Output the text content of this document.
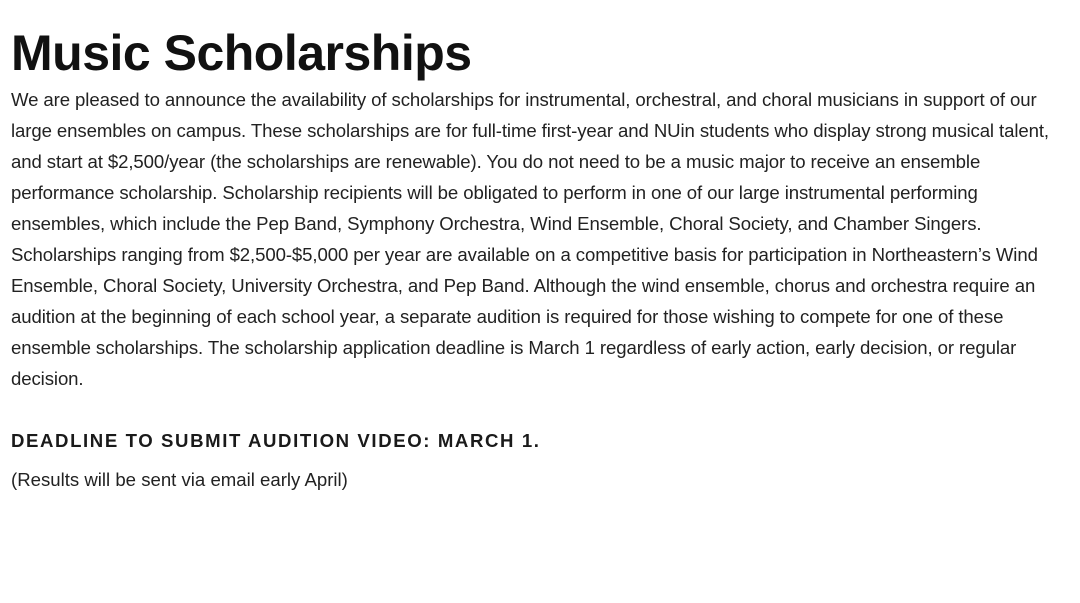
Music Scholarships

We are pleased to announce the availability of scholarships for instrumental, orchestral, and choral musicians in support of our large ensembles on campus. These scholarships are for full-time first-year and NUin students who display strong musical talent, and start at $2,500/year (the scholarships are renewable). You do not need to be a music major to receive an ensemble performance scholarship. Scholarship recipients will be obligated to perform in one of our large instrumental performing ensembles, which include the Pep Band, Symphony Orchestra, Wind Ensemble, Choral Society, and Chamber Singers.

Scholarships ranging from $2,500-$5,000 per year are available on a competitive basis for participation in Northeastern’s Wind Ensemble, Choral Society, University Orchestra, and Pep Band. Although the wind ensemble, chorus and orchestra require an audition at the beginning of each school year, a separate audition is required for those wishing to compete for one of these ensemble scholarships. The scholarship application deadline is March 1 regardless of early action, early decision, or regular decision.

DEADLINE TO SUBMIT AUDITION VIDEO: MARCH 1.
(Results will be sent via email early April)
